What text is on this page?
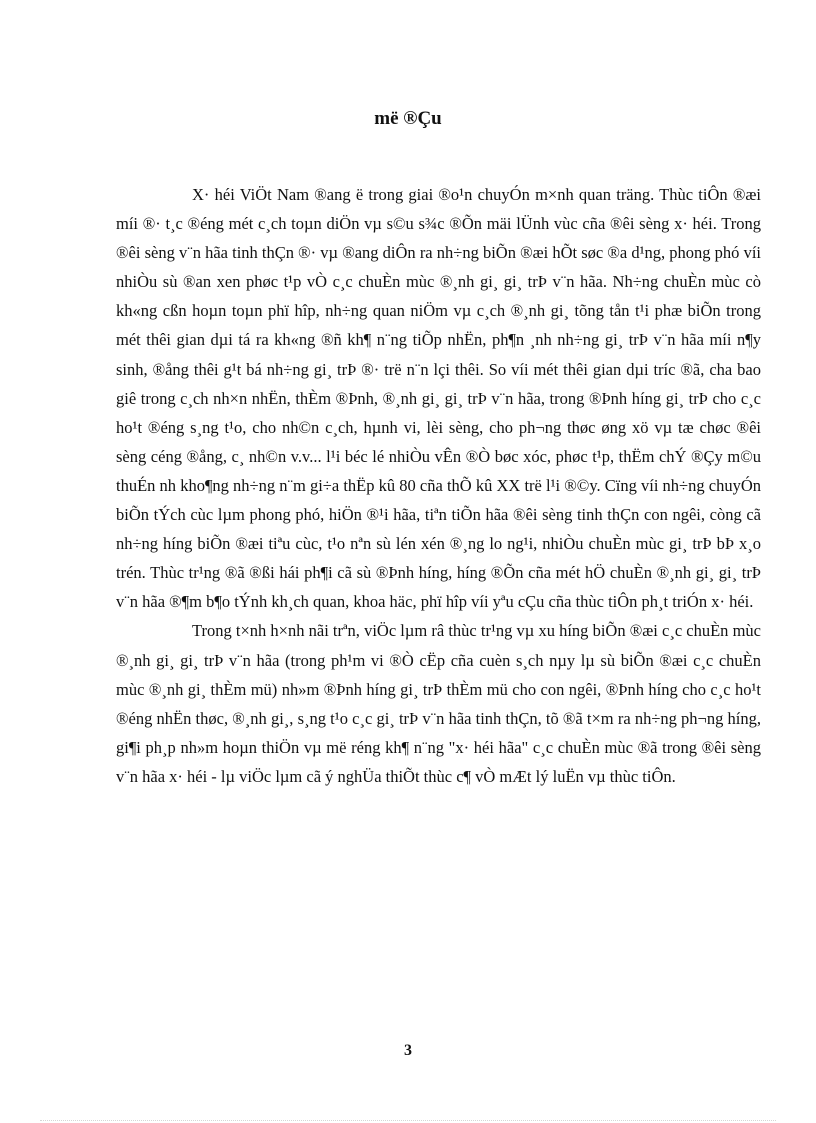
më ®Çu

X· héi ViÖt Nam ®ang ë trong giai ®o¹n chuyÓn m×nh quan träng. Thùc tiÔn ®æi míi ®· t¸c ®éng mét c¸ch toµn diÖn vµ s©u s¾c ®Õn mäi lÜnh vùc cña ®êi sèng x· héi. Trong ®êi sèng v¨n hãa tinh thÇn ®· vµ ®ang diÔn ra nh÷ng biÕn ®æi hÕt søc ®a d¹ng, phong phó víi nhiÒu sù ®an xen phøc t¹p vÒ c¸c chuÈn mùc ®¸nh gi¸ gi¸ trÞ v¨n hãa. Nh÷ng chuÈn mùc cò kh«ng cßn hoµn toµn phï hîp, nh÷ng quan niÖm vµ c¸ch ®¸nh gi¸ tõng tån t¹i phæ biÕn trong mét thêi gian dµi tá ra kh«ng ®ñ kh¶ n¨ng tiÕp nhËn, ph¶n ¸nh nh÷ng gi¸ trÞ v¨n hãa míi n¶y sinh, ®ång thêi g¹t bá nh÷ng gi¸ trÞ ®· trë n¨n lçi thêi. So víi mét thêi gian dµi tríc ®ã, cha bao giê trong c¸ch nh×n nhËn, thÈm ®Þnh, ®¸nh gi¸ gi¸ trÞ v¨n hãa, trong ®Þnh híng gi¸ trÞ cho c¸c ho¹t ®éng s¸ng t¹o, cho nh©n c¸ch, hµnh vi, lèi sèng, cho ph¬ng thøc øng xö vµ tæ chøc ®êi sèng céng ®ång, c¸ nh©n v.v... l¹i béc lé nhiÒu vÊn ®Ò bøc xóc, phøc t¹p, thËm chÝ ®Çy m©u thuÉn nh kho¶ng nh÷ng n¨m gi÷a thËp kû 80 cña thÕ kû XX trë l¹i ®©y. Cïng víi nh÷ng chuyÓn biÕn tÝch cùc lµm phong phó, hiÖn ®¹i hãa, tiªn tiÕn hãa ®êi sèng tinh thÇn con ngêi, còng cã nh÷ng híng biÕn ®æi tiªu cùc, t¹o nªn sù lén xén ®¸ng lo ng¹i, nhiÒu chuÈn mùc gi¸ trÞ bÞ x¸o trén. Thùc tr¹ng ®ã ®ßi hái ph¶i cã sù ®Þnh híng, híng ®Õn cña mét hÖ chuÈn ®¸nh gi¸ gi¸ trÞ v¨n hãa ®¶m b¶o tÝnh kh¸ch quan, khoa häc, phï hîp víi yªu cÇu cña thùc tiÔn ph¸t triÓn x· héi.

Trong t×nh h×nh nãi trªn, viÖc lµm râ thùc tr¹ng vµ xu híng biÕn ®æi c¸c chuÈn mùc ®¸nh gi¸ gi¸ trÞ v¨n hãa (trong ph¹m vi ®Ò cËp cña cuèn s¸ch nµy lµ sù biÕn ®æi c¸c chuÈn mùc ®¸nh gi¸ thÈm mü) nh»m ®Þnh híng gi¸ trÞ thÈm mü cho con ngêi, ®Þnh híng cho c¸c ho¹t ®éng nhËn thøc, ®¸nh gi¸, s¸ng t¹o c¸c gi¸ trÞ v¨n hãa tinh thÇn, tõ ®ã t×m ra nh÷ng ph¬ng híng, gi¶i ph¸p nh»m hoµn thiÖn vµ më réng kh¶ n¨ng "x· héi hãa" c¸c chuÈn mùc ®ã trong ®êi sèng v¨n hãa x· héi - lµ viÖc lµm cã ý nghÜa thiÕt thùc c¶ vÒ mÆt lý luËn vµ thùc tiÔn.

3
